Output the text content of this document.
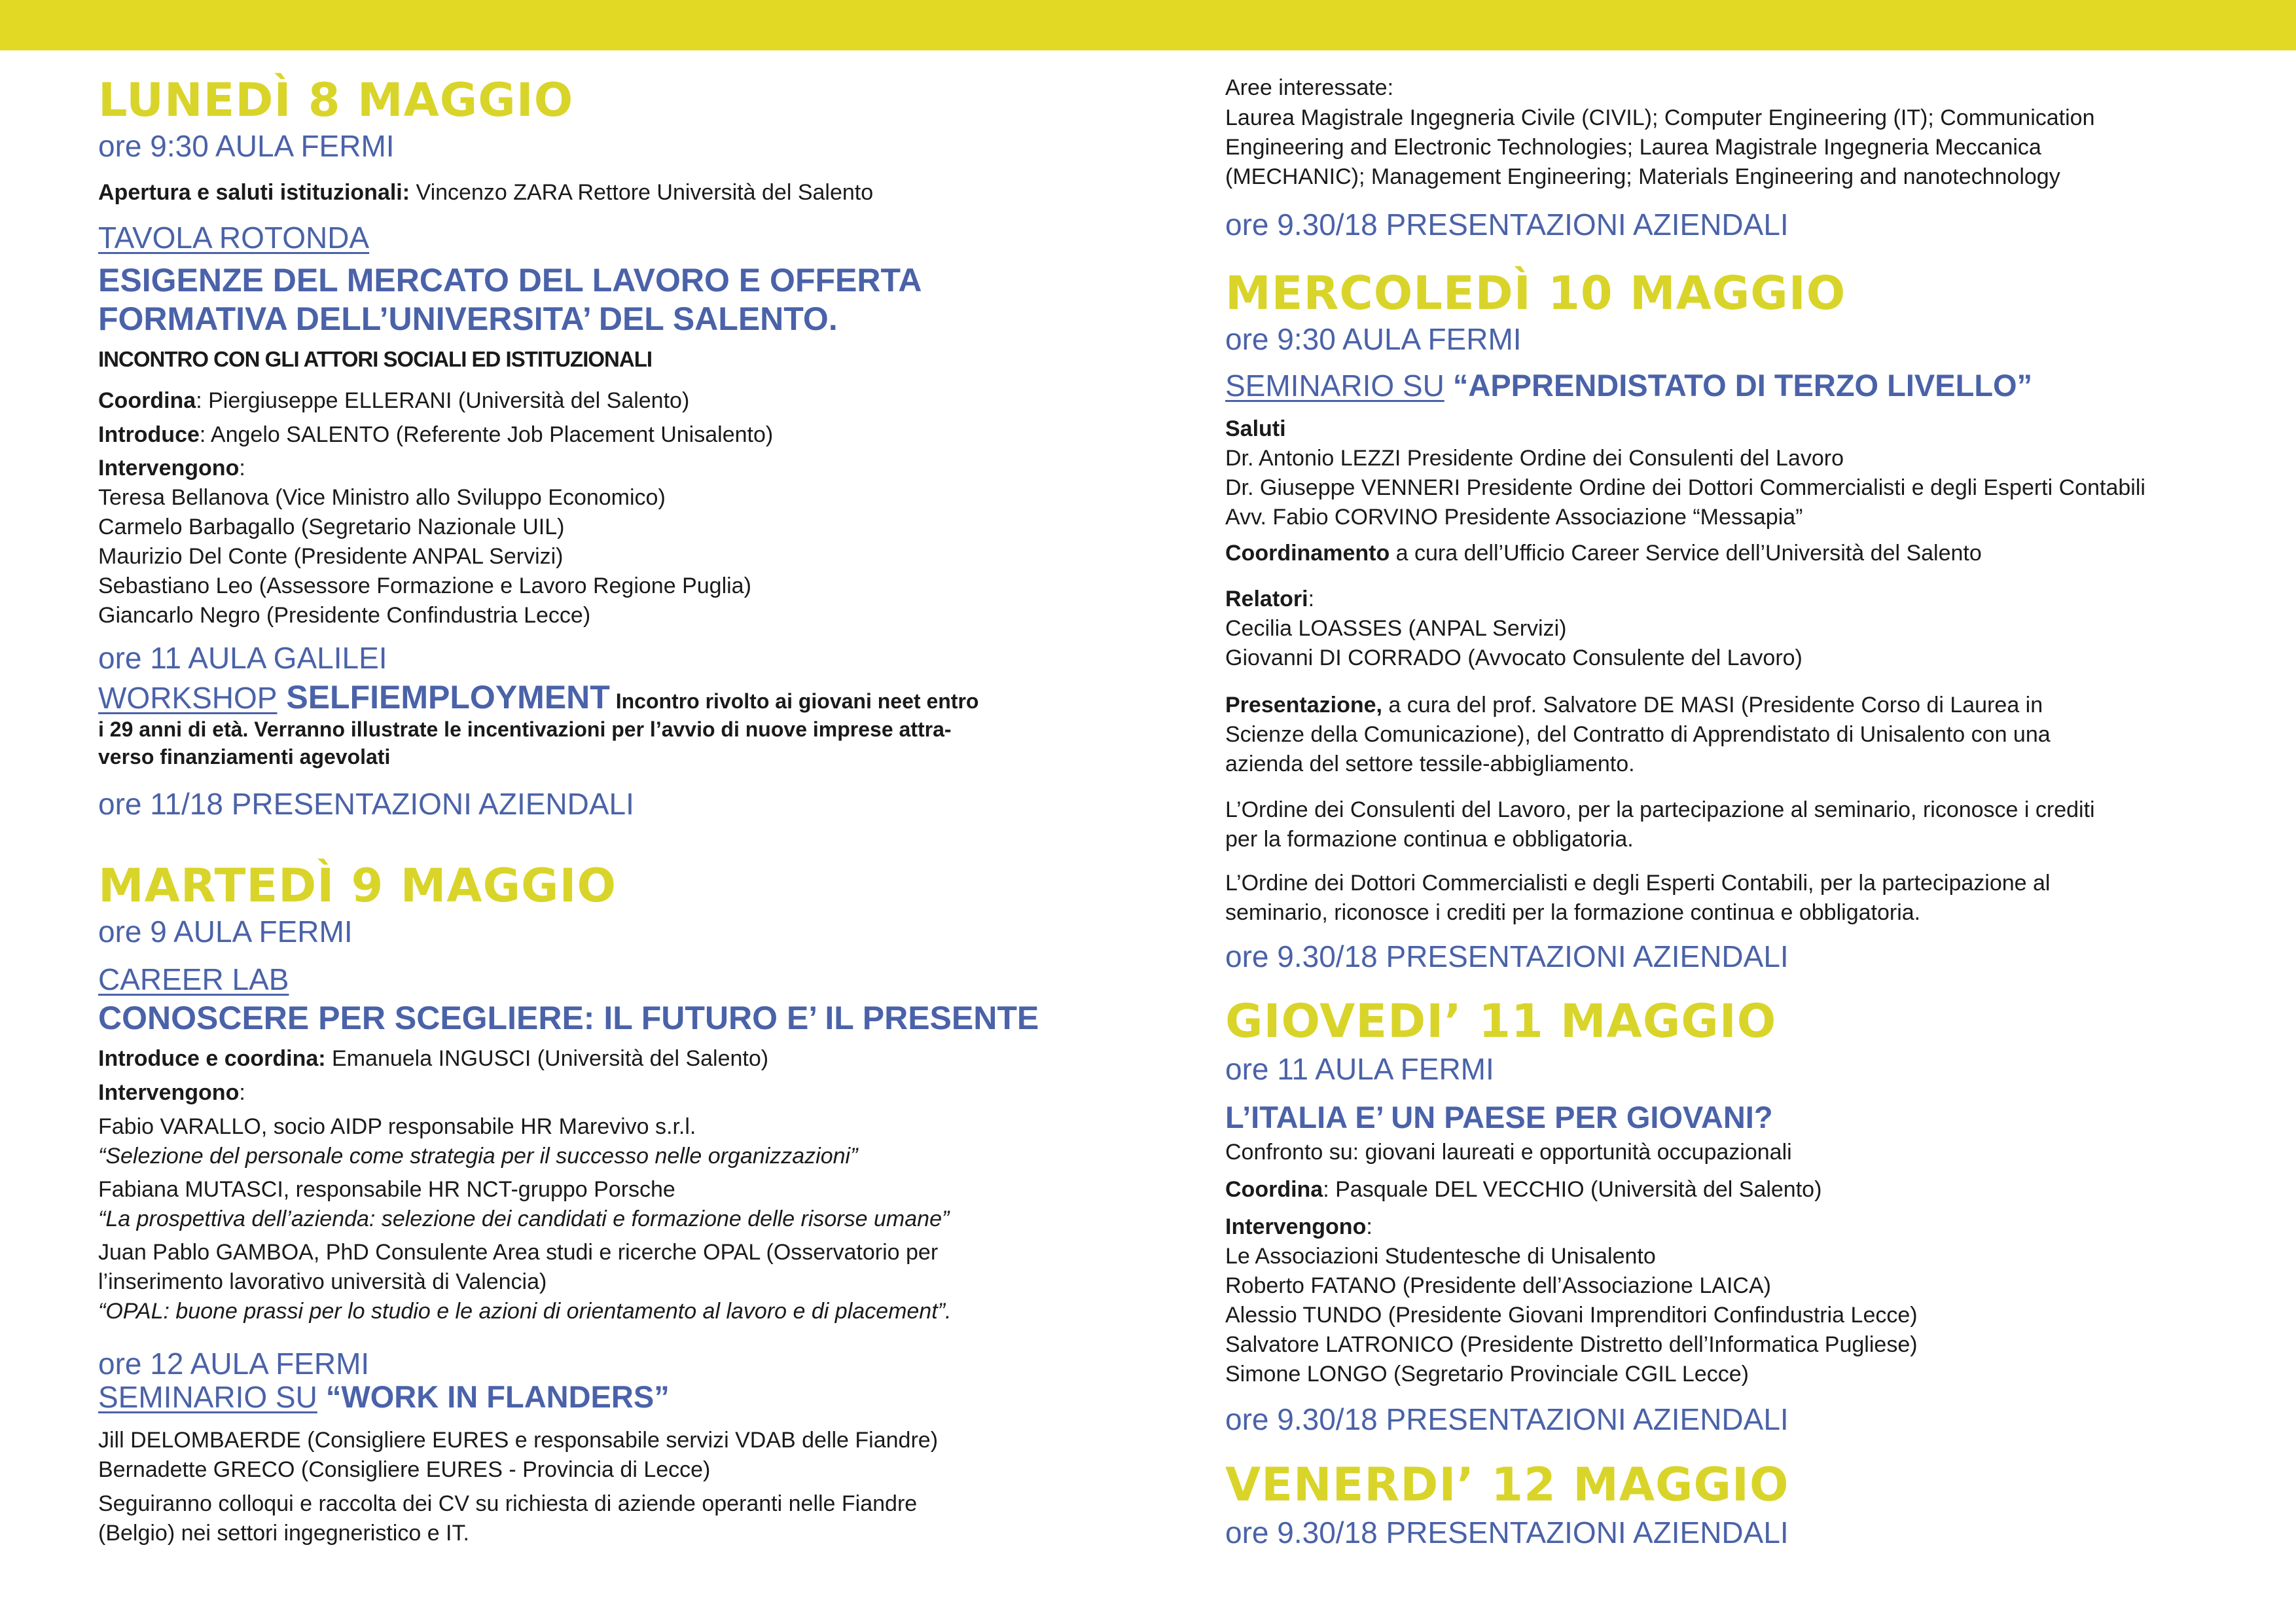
LUNEDÌ 8 MAGGIO
ore 9:30 AULA FERMI
Apertura e saluti istituzionali: Vincenzo ZARA Rettore Università del Salento
TAVOLA ROTONDA
ESIGENZE DEL MERCATO DEL LAVORO E OFFERTA
FORMATIVA DELL’UNIVERSITA’ DEL SALENTO.
INCONTRO CON GLI ATTORI SOCIALI ED ISTITUZIONALI
Coordina: Piergiuseppe ELLERANI (Università del Salento)
Introduce: Angelo SALENTO (Referente Job Placement Unisalento)
Intervengono:
Teresa Bellanova (Vice Ministro allo Sviluppo Economico)
Carmelo Barbagallo (Segretario Nazionale UIL)
Maurizio Del Conte (Presidente ANPAL Servizi)
Sebastiano Leo (Assessore Formazione e Lavoro Regione Puglia)
Giancarlo Negro (Presidente Confindustria Lecce)
ore 11 AULA GALILEI
WORKSHOP SELFIEMPLOYMENT Incontro rivolto ai giovani neet entro
i 29 anni di età. Verranno illustrate le incentivazioni per l’avvio di nuove imprese attra-
verso finanziamenti agevolati
ore 11/18 PRESENTAZIONI AZIENDALI
MARTEDÌ 9 MAGGIO
ore 9 AULA FERMI
CAREER LAB
CONOSCERE PER SCEGLIERE: IL FUTURO E’ IL PRESENTE
Introduce e coordina: Emanuela INGUSCI (Università del Salento)
Intervengono:
Fabio VARALLO, socio AIDP responsabile HR Marevivo s.r.l.
“Selezione del personale come strategia per il successo nelle organizzazioni”
Fabiana MUTASCI, responsabile HR NCT-gruppo Porsche
“La prospettiva dell’azienda: selezione dei candidati e formazione delle risorse umane”
Juan Pablo GAMBOA, PhD Consulente Area studi e ricerche OPAL (Osservatorio per
l’inserimento lavorativo università di Valencia)
“OPAL: buone prassi per lo studio e le azioni di orientamento al lavoro e di placement”.
ore 12 AULA FERMI
SEMINARIO SU “WORK IN FLANDERS”
Jill DELOMBAERDE (Consigliere EURES e responsabile servizi VDAB delle Fiandre)
Bernadette GRECO (Consigliere EURES - Provincia di Lecce)
Seguiranno colloqui e raccolta dei CV su richiesta di aziende operanti nelle Fiandre
(Belgio) nei settori ingegneristico e IT.
Aree interessate:
Laurea Magistrale Ingegneria Civile (CIVIL); Computer Engineering (IT); Communication
Engineering and Electronic Technologies; Laurea Magistrale Ingegneria Meccanica
(MECHANIC); Management Engineering; Materials Engineering and nanotechnology
ore 9.30/18 PRESENTAZIONI AZIENDALI
MERCOLEDÌ 10 MAGGIO
ore 9:30 AULA FERMI
SEMINARIO SU “APPRENDISTATO DI TERZO LIVELLO”
Saluti
Dr. Antonio LEZZI Presidente Ordine dei Consulenti del Lavoro
Dr. Giuseppe VENNERI Presidente Ordine dei Dottori Commercialisti e degli Esperti Contabili
Avv. Fabio CORVINO Presidente Associazione “Messapia”
Coordinamento a cura dell’Ufficio Career Service dell’Università del Salento
Relatori:
Cecilia LOASSES (ANPAL Servizi)
Giovanni DI CORRADO (Avvocato Consulente del Lavoro)
Presentazione, a cura del prof. Salvatore DE MASI (Presidente Corso di Laurea in
Scienze della Comunicazione), del Contratto di Apprendistato di Unisalento con una
azienda del settore tessile-abbigliamento.
L’Ordine dei Consulenti del Lavoro, per la partecipazione al seminario, riconosce i crediti
per la formazione continua e obbligatoria.
L’Ordine dei Dottori Commercialisti e degli Esperti Contabili, per la partecipazione al
seminario, riconosce i crediti per la formazione continua e obbligatoria.
ore 9.30/18 PRESENTAZIONI AZIENDALI
GIOVEDI’ 11 MAGGIO
ore 11 AULA FERMI
L’ITALIA E’ UN PAESE PER GIOVANI?
Confronto su: giovani laureati e opportunità occupazionali
Coordina: Pasquale DEL VECCHIO (Università del Salento)
Intervengono:
Le Associazioni Studentesche di Unisalento
Roberto FATANO (Presidente dell’Associazione LAICA)
Alessio TUNDO (Presidente Giovani Imprenditori Confindustria Lecce)
Salvatore LATRONICO (Presidente Distretto dell’Informatica Pugliese)
Simone LONGO (Segretario Provinciale CGIL Lecce)
ore 9.30/18 PRESENTAZIONI AZIENDALI
VENERDI’ 12 MAGGIO
ore 9.30/18 PRESENTAZIONI AZIENDALI
